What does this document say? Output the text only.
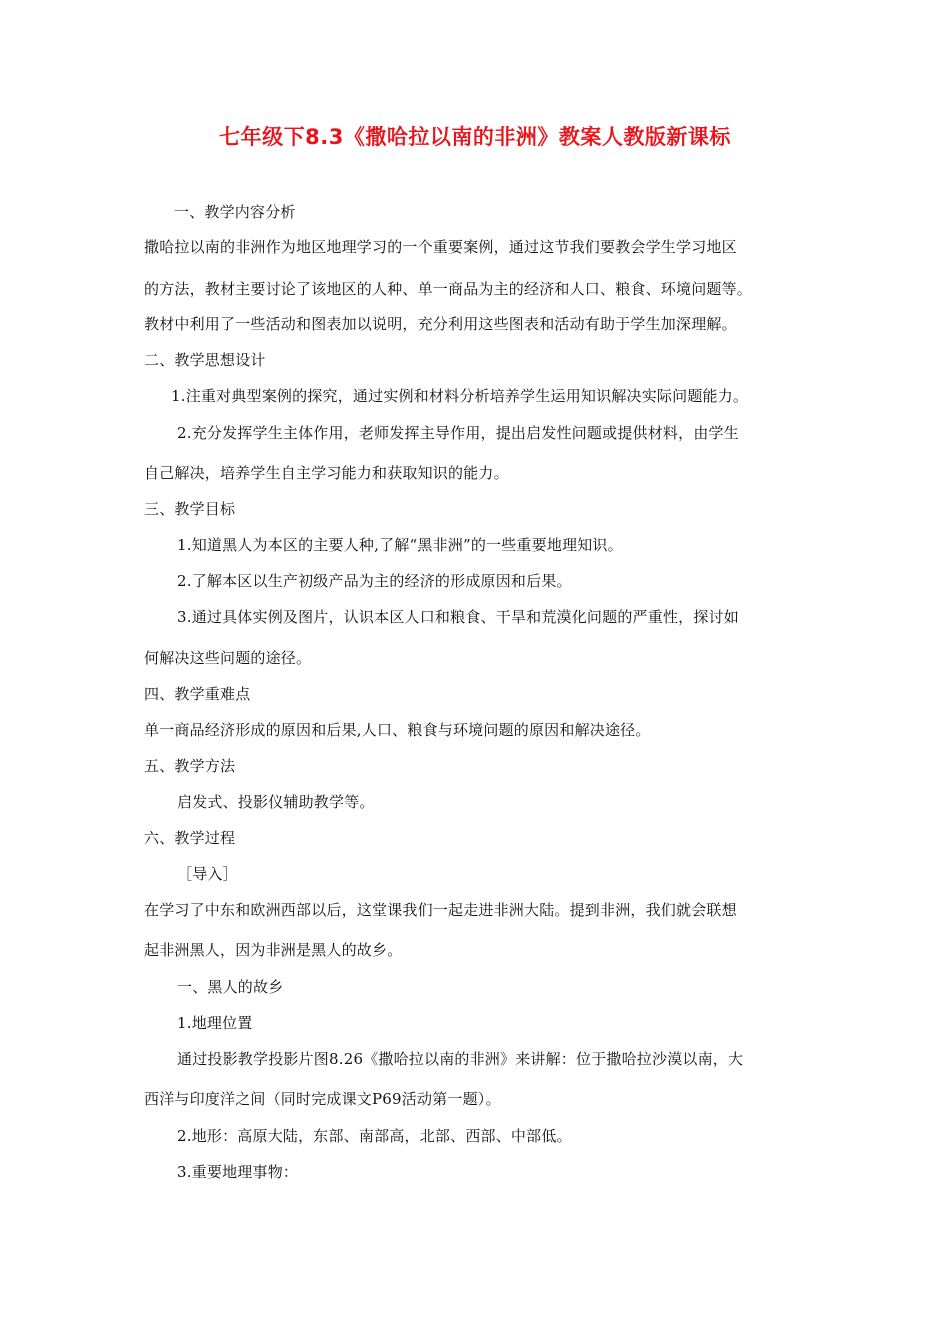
七年级下8.3《撒哈拉以南的非洲》教案人教版新课标
一、教学内容分析
撒哈拉以南的非洲作为地区地理学习的一个重要案例，通过这节我们要教会学生学习地区
的方法，教材主要讨论了该地区的人种、单一商品为主的经济和人口、粮食、环境问题等。
教材中利用了一些活动和图表加以说明，充分利用这些图表和活动有助于学生加深理解。
二、教学思想设计
1.注重对典型案例的探究，通过实例和材料分析培养学生运用知识解决实际问题能力。
2.充分发挥学生主体作用，老师发挥主导作用，提出启发性问题或提供材料，由学生
自己解决，培养学生自主学习能力和获取知识的能力。
三、教学目标
1.知道黑人为本区的主要人种,了解“黑非洲”的一些重要地理知识。
2.了解本区以生产初级产品为主的经济的形成原因和后果。
3.通过具体实例及图片，认识本区人口和粮食、干旱和荒漠化问题的严重性，探讨如
何解决这些问题的途径。
四、教学重难点
单一商品经济形成的原因和后果,人口、粮食与环境问题的原因和解决途径。
五、教学方法
启发式、投影仪辅助教学等。
六、教学过程
［导入］
在学习了中东和欧洲西部以后，这堂课我们一起走进非洲大陆。提到非洲，我们就会联想
起非洲黑人，因为非洲是黑人的故乡。
一、黑人的故乡
1.地理位置
通过投影教学投影片图8.26《撒哈拉以南的非洲》来讲解：位于撒哈拉沙漠以南，大
西洋与印度洋之间（同时完成课文P69活动第一题）。
2.地形：高原大陆，东部、南部高，北部、西部、中部低。
3.重要地理事物：
